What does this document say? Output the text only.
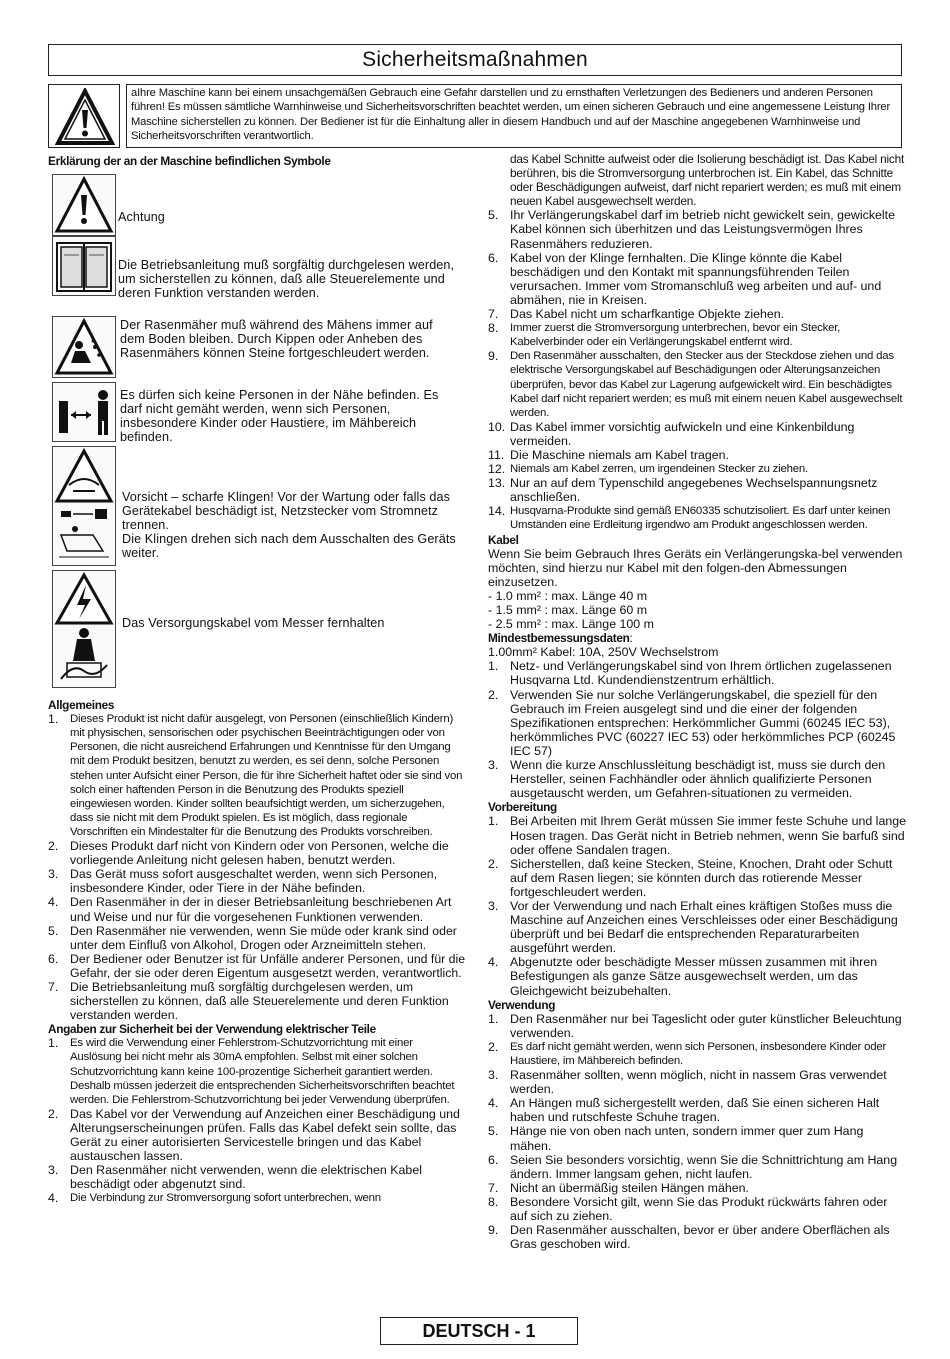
Sicherheitsmaßnahmen
aIhre Maschine kann bei einem unsachgemäßen Gebrauch eine Gefahr darstellen und zu ernsthaften Verletzungen des Bedieners und anderen Personen führen! Es müssen sämtliche Warnhinweise und Sicherheitsvorschriften beachtet werden, um einen sicheren Gebrauch und eine angemessene Leistung Ihrer Maschine sicherstellen zu können. Der Bediener ist für die Einhaltung aller in diesem Handbuch und auf der Maschine angegebenen Warnhinweise und Sicherheitsvorschriften verantwortlich.
Erklärung der an der Maschine befindlichen Symbole
Achtung
Die Betriebsanleitung muß sorgfältig durchgelesen werden, um sicherstellen zu können, daß alle Steuerelemente und deren Funktion verstanden werden.
Der Rasenmäher muß während des Mähens immer auf dem Boden bleiben. Durch Kippen oder Anheben des Rasenmähers können Steine fortgeschleudert werden.
Es dürfen sich keine Personen in der Nähe befinden. Es darf nicht gemäht werden, wenn sich Personen, insbesondere Kinder oder Haustiere, im Mähbereich befinden.
Vorsicht – scharfe Klingen! Vor der Wartung oder falls das Gerätekabel beschädigt ist, Netzstecker vom Stromnetz trennen.
Die Klingen drehen sich nach dem Ausschalten des Geräts weiter.
Das Versorgungskabel vom Messer fernhalten
Allgemeines
1.	Dieses Produkt ist nicht dafür ausgelegt, von Personen (einschließlich Kindern) mit physischen, sensorischen oder psychischen Beeinträchtigungen oder von Personen, die nicht ausreichend Erfahrungen und Kenntnisse für den Umgang mit dem Produkt besitzen, benutzt zu werden, es sei denn, solche Personen stehen unter Aufsicht einer Person, die für ihre Sicherheit haftet oder sie sind von solch einer haftenden Person in die Benutzung des Produkts speziell eingewiesen worden. Kinder sollten beaufsichtigt werden, um sicherzugehen, dass sie nicht mit dem Produkt spielen. Es ist möglich, dass regionale Vorschriften ein Mindestalter für die Benutzung des Produkts vorschreiben.
2. Dieses Produkt darf nicht von Kindern oder von Personen, welche die vorliegende Anleitung nicht gelesen haben, benutzt werden.
3. Das Gerät muss sofort ausgeschaltet werden, wenn sich Personen, insbesondere Kinder, oder Tiere in der Nähe befinden.
4. Den Rasenmäher in der in dieser Betriebsanleitung beschriebenen Art und Weise und nur für die vorgesehenen Funktionen verwenden.
5. Den Rasenmäher nie verwenden, wenn Sie müde oder krank sind oder unter dem Einfluß von Alkohol, Drogen oder Arzneimitteln stehen.
6. Der Bediener oder Benutzer ist für Unfälle anderer Personen, und für die Gefahr, der sie oder deren Eigentum ausgesetzt werden, verantwortlich.
7. Die Betriebsanleitung muß sorgfältig durchgelesen werden, um sicherstellen zu können, daß alle Steuerelemente und deren Funktion verstanden werden.
Angaben zur Sicherheit bei der Verwendung elektrischer Teile
1.	Es wird die Verwendung einer Fehlerstrom-Schutzvorrichtung mit einer Auslösung bei nicht mehr als 30mA empfohlen. Selbst mit einer solchen Schutzvorrichtung kann keine 100-prozentige Sicherheit garantiert werden. Deshalb müssen jederzeit die entsprechenden Sicherheitsvorschriften beachtet werden. Die Fehlerstrom-Schutzvorrichtung bei jeder Verwendung überprüfen.
2. Das Kabel vor der Verwendung auf Anzeichen einer Beschädigung und Alterungserscheinungen prüfen. Falls das Kabel defekt sein sollte, das Gerät zu einer autorisierten Servicestelle bringen und das Kabel austauschen lassen.
3. Den Rasenmäher nicht verwenden, wenn die elektrischen Kabel beschädigt oder abgenutzt sind.
4.	Die Verbindung zur Stromversorgung sofort unterbrechen, wenn
das Kabel Schnitte aufweist oder die Isolierung beschädigt ist. Das Kabel nicht berühren, bis die Stromversorgung unterbrochen ist. Ein Kabel, das Schnitte oder Beschädigungen aufweist, darf nicht repariert werden; es muß mit einem neuen Kabel ausgewechselt werden.
5. Ihr Verlängerungskabel darf im betrieb nicht gewickelt sein, gewickelte Kabel können sich überhitzen und das Leistungsvermögen Ihres Rasenmähers reduzieren.
6. Kabel von der Klinge fernhalten. Die Klinge könnte die Kabel beschädigen und den Kontakt mit spannungsführenden Teilen verursachen. Immer vom Stromanschluß weg arbeiten und auf- und abmähen, nie in Kreisen.
7. Das Kabel nicht um scharfkantige Objekte ziehen.
8.	Immer zuerst die Stromversorgung unterbrechen, bevor ein Stecker, Kabelverbinder oder ein Verlängerungskabel entfernt wird.
9.	Den Rasenmäher ausschalten, den Stecker aus der Steckdose ziehen und das elektrische Versorgungskabel auf Beschädigungen oder Alterungsanzeichen überprüfen, bevor das Kabel zur Lagerung aufgewickelt wird. Ein beschädigtes Kabel darf nicht repariert werden; es muß mit einem neuen Kabel ausgewechselt werden.
10. Das Kabel immer vorsichtig aufwickeln und eine Kinkenbildung vermeiden.
11. Die Maschine niemals am Kabel tragen.
12. Niemals am Kabel zerren, um irgendeinen Stecker zu ziehen.
13. Nur an auf dem Typenschild angegebenes Wechselspannungsnetz anschließen.
14. Husqvarna-Produkte sind gemäß EN60335 schutzisoliert. Es darf unter keinen Umständen eine Erdleitung irgendwo am Produkt angeschlossen werden.
Kabel

Wenn Sie beim Gebrauch Ihres Geräts ein Verlängerungska-bel verwenden möchten, sind hierzu nur Kabel mit den folgen-den Abmessungen einzusetzen.

- 1.0 mm² : max. Länge 40 m
- 1.5 mm² : max. Länge 60 m
- 2.5 mm² : max. Länge 100 m
Mindestbemessungsdaten:
1.00mm² Kabel: 10A, 250V Wechselstrom
1. Netz- und Verlängerungskabel sind von Ihrem örtlichen zugelassenen Husqvarna Ltd. Kundendienstzentrum erhältlich.
2. Verwenden Sie nur solche Verlängerungskabel, die speziell für den Gebrauch im Freien ausgelegt sind und die einer der folgenden Spezifikationen entsprechen: Herkömmlicher Gummi (60245 IEC 53), herkömmliches PVC (60227 IEC 53) oder herkömmliches PCP (60245 IEC 57)
3. Wenn die kurze Anschlussleitung beschädigt ist, muss sie durch den Hersteller, seinen Fachhändler oder ähnlich qualifizierte Personen ausgetauscht werden, um Gefahren-situationen zu vermeiden.
Vorbereitung
1. Bei Arbeiten mit Ihrem Gerät müssen Sie immer feste Schuhe und lange Hosen tragen. Das Gerät nicht in Betrieb nehmen, wenn Sie barfuß sind oder offene Sandalen tragen.
2. Sicherstellen, daß keine Stecken, Steine, Knochen, Draht oder Schutt auf dem Rasen liegen; sie könnten durch das rotierende Messer fortgeschleudert werden.
3. Vor der Verwendung und nach Erhalt eines kräftigen Stoßes muss die Maschine auf Anzeichen eines Verschleisses oder einer Beschädigung überprüft und bei Bedarf die entsprechenden Reparaturarbeiten ausgeführt werden.
4. Abgenutzte oder beschädigte Messer müssen zusammen mit ihren Befestigungen als ganze Sätze ausgewechselt werden, um das Gleichgewicht beizubehalten.
Verwendung
1. Den Rasenmäher nur bei Tageslicht oder guter künstlicher Beleuchtung verwenden.
2.	Es darf nicht gemäht werden, wenn sich Personen, insbesondere Kinder oder Haustiere, im Mähbereich befinden.
3. Rasenmäher sollten, wenn möglich, nicht in nassem Gras verwendet werden.
4. An Hängen muß sichergestellt werden, daß Sie einen sicheren Halt haben und rutschfeste Schuhe tragen.
5. Hänge nie von oben nach unten, sondern immer quer zum Hang mähen.
6. Seien Sie besonders vorsichtig, wenn Sie die Schnittrichtung am Hang ändern. Immer langsam gehen, nicht laufen.
7. Nicht an übermäßig steilen Hängen mähen.
8. Besondere Vorsicht gilt, wenn Sie das Produkt rückwärts fahren oder auf sich zu ziehen.
9. Den Rasenmäher ausschalten, bevor er über andere Oberflächen als Gras geschoben wird.
DEUTSCH - 1
